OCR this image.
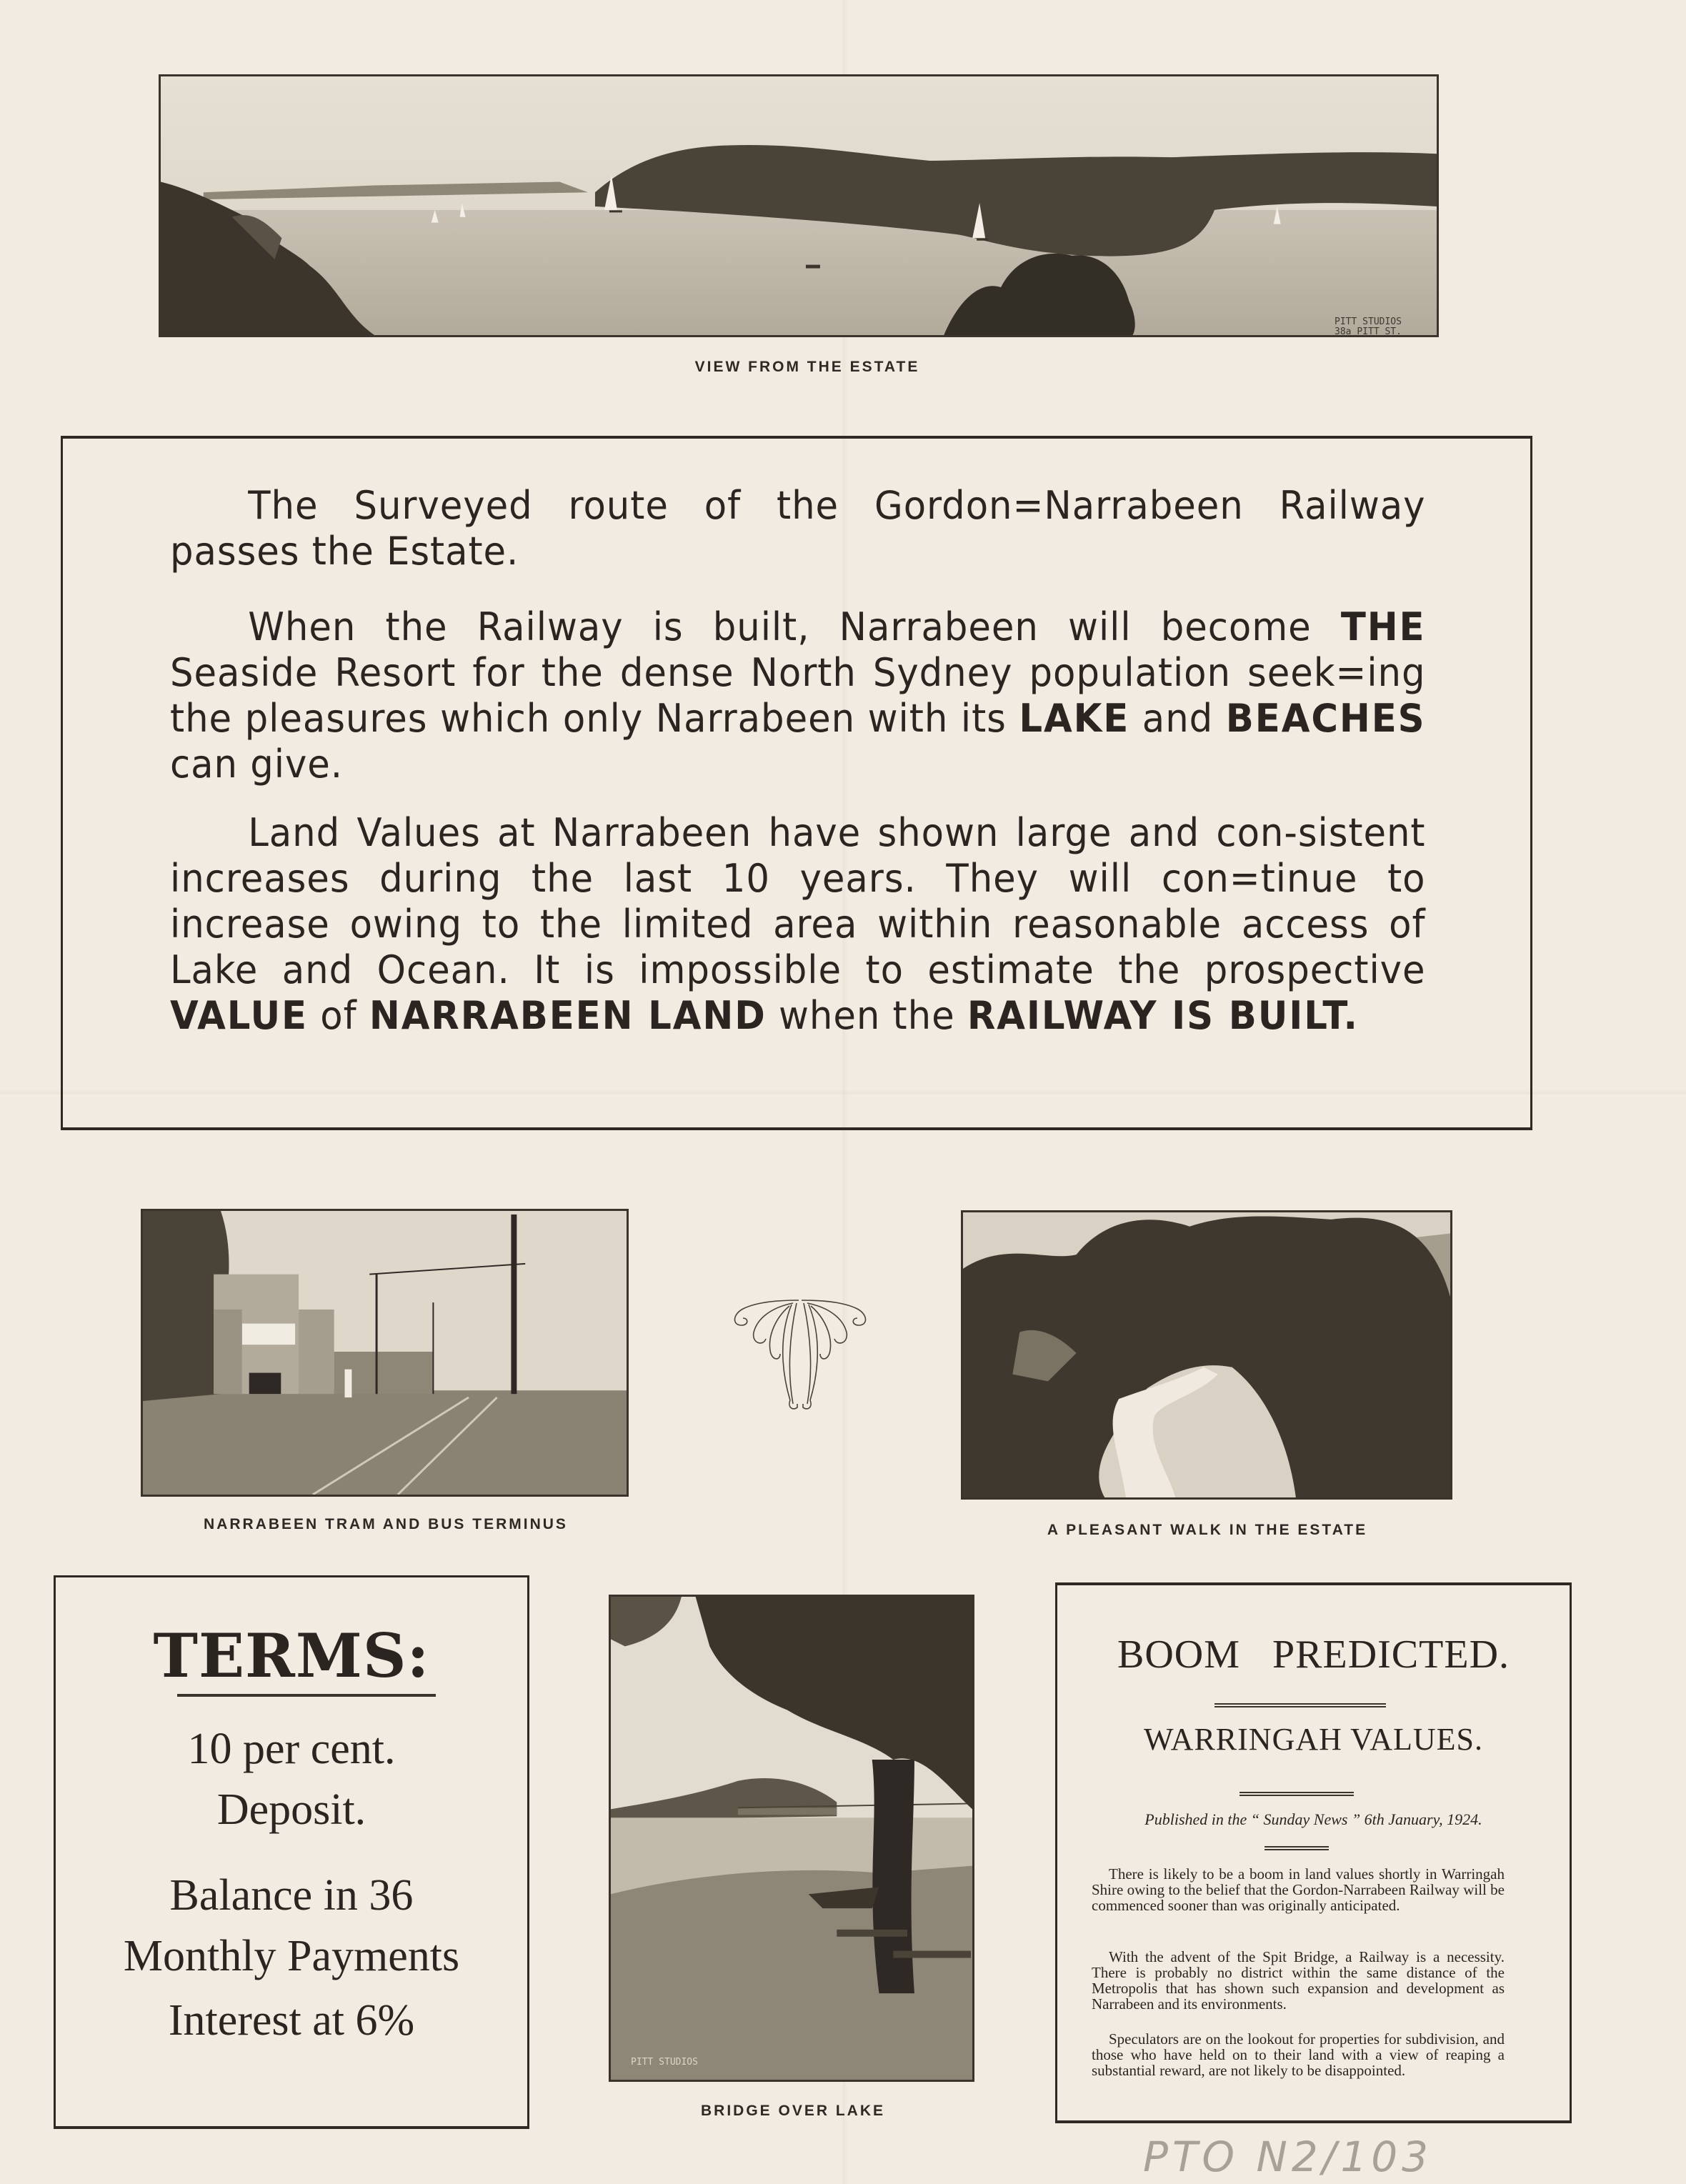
PITT STUDIOS
38a PITT ST.
VIEW FROM THE ESTATE
The Surveyed route of the Gordon=Narrabeen Railway passes the Estate.
When the Railway is built, Narrabeen will become THE Seaside Resort for the dense North Sydney population seek=ing the pleasures which only Narrabeen with its LAKE and BEACHES can give.
Land Values at Narrabeen have shown large and con-sistent increases during the last 10 years. They will con=tinue to increase owing to the limited area within reasonable access of Lake and Ocean. It is impossible to estimate the prospective VALUE of NARRABEEN LAND when the RAILWAY IS BUILT.
NARRABEEN TRAM AND BUS TERMINUS	A PLEASANT WALK IN THE ESTATE
TERMS:
10 per cent.
Deposit.
Balance in 36
Monthly Payments
Interest at 6%
PITT STUDIOS
BRIDGE OVER LAKE
BOOM   PREDICTED.
WARRINGAH VALUES.
Published in the “ Sunday News ” 6th January, 1924.
There is likely to be a boom in land values shortly in Warringah Shire owing to the belief that the Gordon-Narrabeen Railway will be commenced sooner than was originally anticipated.
With the advent of the Spit Bridge, a Railway is a necessity. There is probably no district within the same distance of the Metropolis that has shown such expansion and development as Narrabeen and its environments.
Speculators are on the lookout for properties for subdivision, and those who have held on to their land with a view of reaping a substantial reward, are not likely to be disappointed.
PTO N2/103
